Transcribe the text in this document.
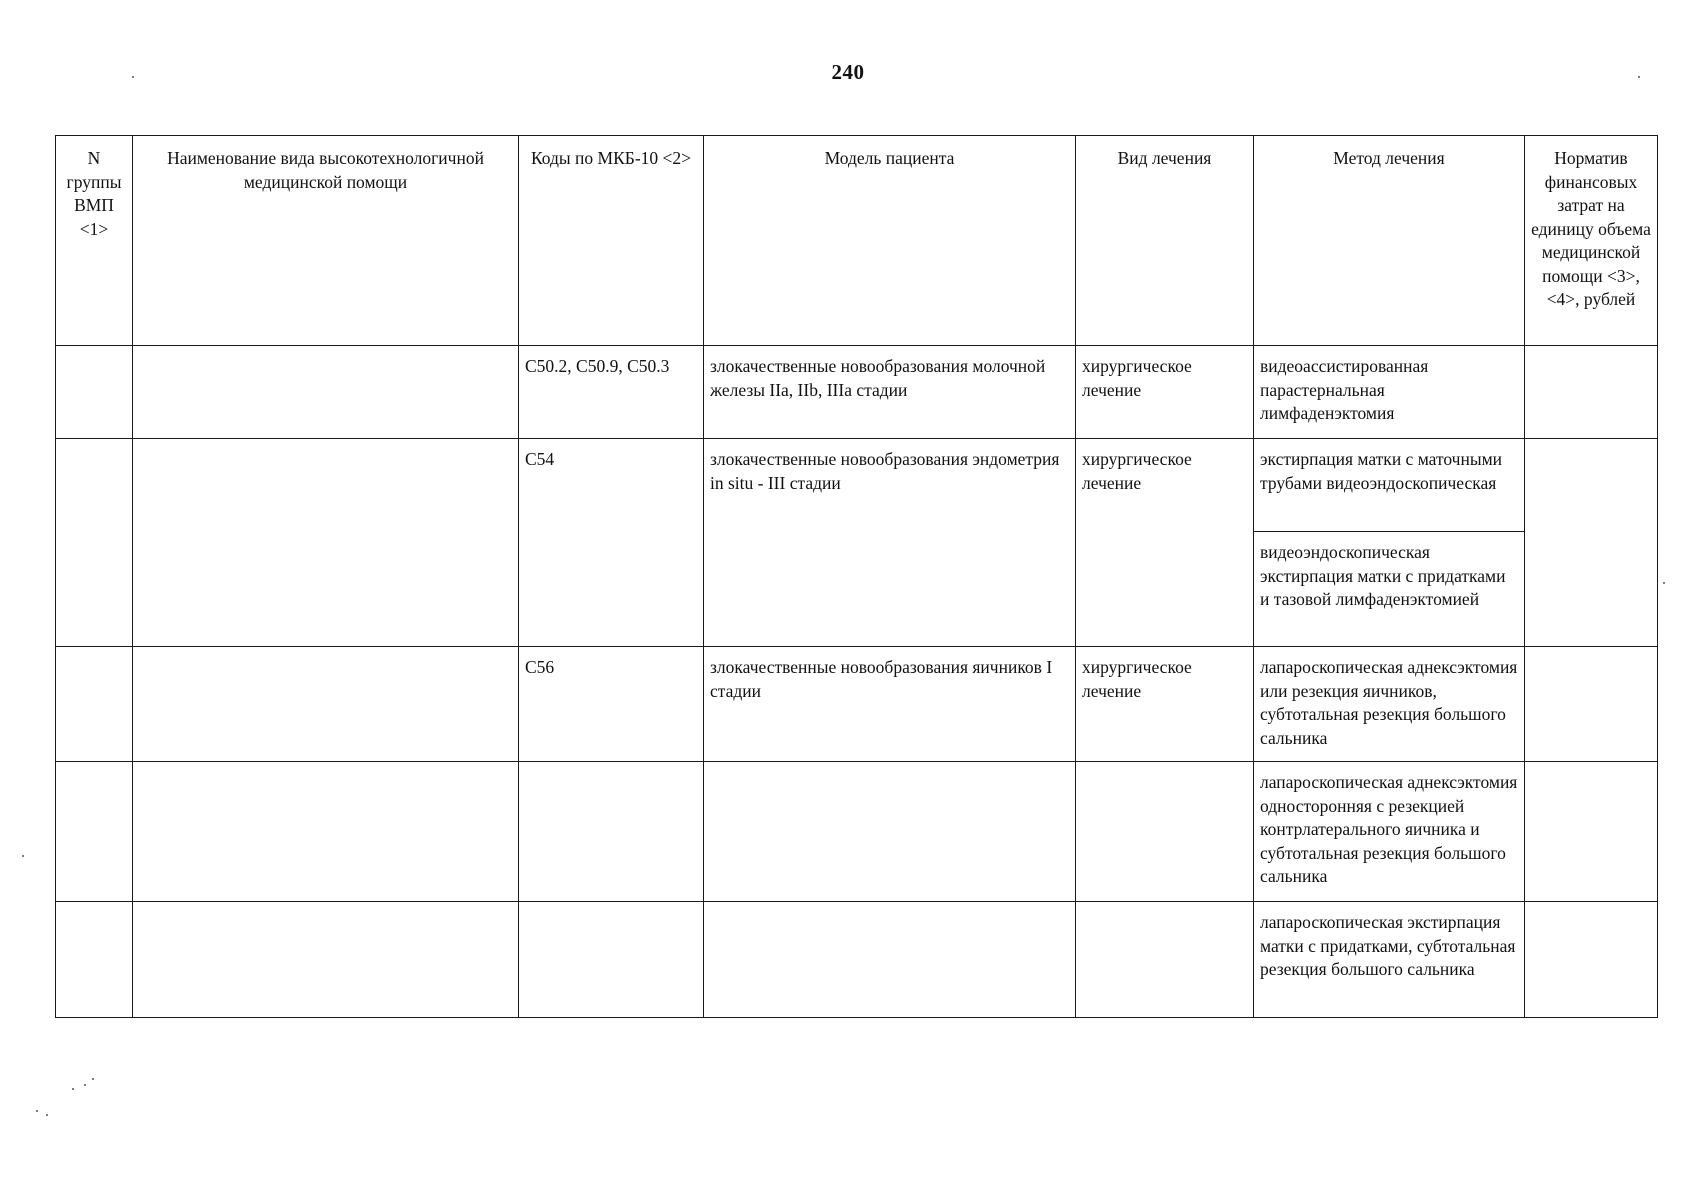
240
N группы ВМП <1>	Наименование вида высокотехнологичной медицинской помощи	Коды по МКБ-10 <2>	Модель пациента	Вид лечения	Метод лечения	Норматив финансовых затрат на единицу объема медицинской помощи <3>, <4>, рублей
		C50.2, C50.9, C50.3	злокачественные новообразования молочной железы IIa, IIb, IIIa стадии	хирургическое лечение	видеоассистированная парастернальная лимфаденэктомия	
		C54	злокачественные новообразования эндометрия in situ - III стадии	хирургическое лечение	экстирпация матки с маточными трубами видеоэндоскопическая	
					видеоэндоскопическая экстирпация матки с придатками и тазовой лимфаденэктомией	
		C56	злокачественные новообразования яичников I стадии	хирургическое лечение	лапароскопическая аднексэктомия или резекция яичников, субтотальная резекция большого сальника	
					лапароскопическая аднексэктомия односторонняя с резекцией контрлатерального яичника и субтотальная резекция большого сальника	
					лапароскопическая экстирпация матки с придатками, субтотальная резекция большого сальника	
